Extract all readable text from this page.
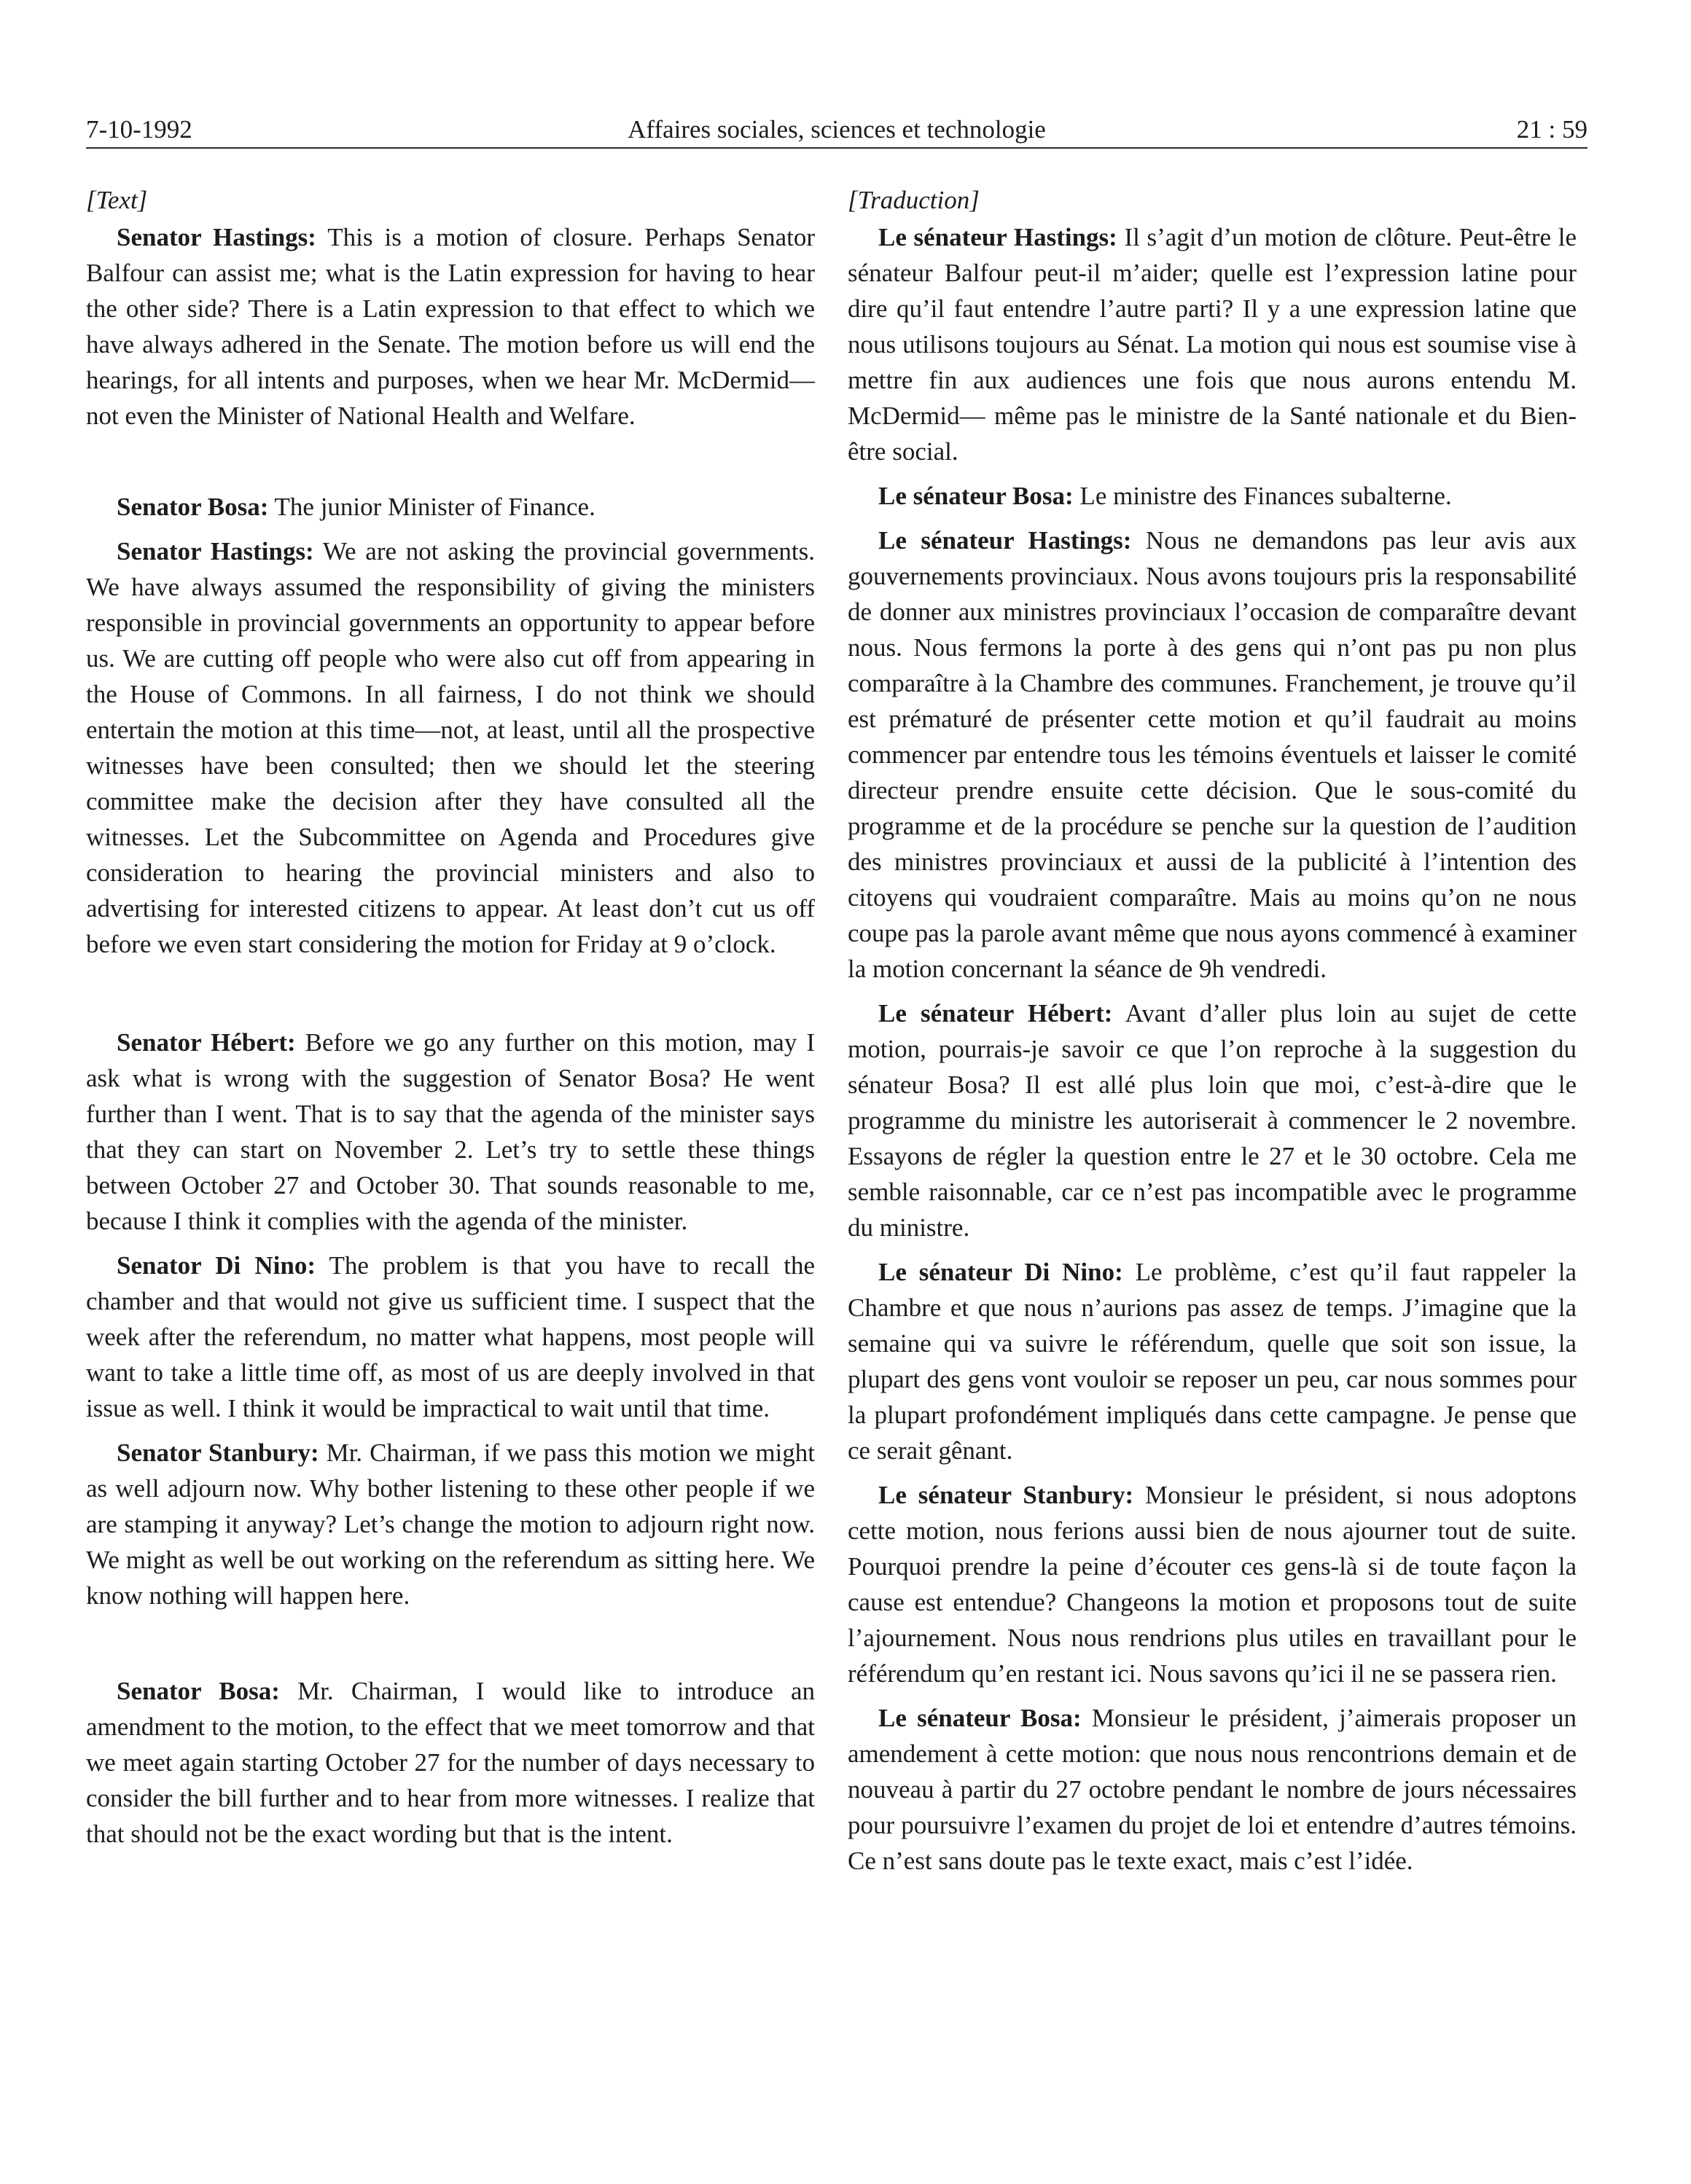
7-10-1992	Affaires sociales, sciences et technologie	21 : 59
[Text]

Senator Hastings: This is a motion of closure. Perhaps Senator Balfour can assist me; what is the Latin expression for having to hear the other side? There is a Latin expression to that effect to which we have always adhered in the Senate. The motion before us will end the hearings, for all intents and purposes, when we hear Mr. McDermid—not even the Minister of National Health and Welfare.

Senator Bosa: The junior Minister of Finance.

Senator Hastings: We are not asking the provincial governments. We have always assumed the responsibility of giving the ministers responsible in provincial governments an opportunity to appear before us. We are cutting off people who were also cut off from appearing in the House of Commons. In all fairness, I do not think we should entertain the motion at this time—not, at least, until all the prospective witnesses have been consulted; then we should let the steering committee make the decision after they have consulted all the witnesses. Let the Subcommittee on Agenda and Procedures give consideration to hearing the provincial ministers and also to advertising for interested citizens to appear. At least don’t cut us off before we even start considering the motion for Friday at 9 o’clock.

Senator Hébert: Before we go any further on this motion, may I ask what is wrong with the suggestion of Senator Bosa? He went further than I went. That is to say that the agenda of the minister says that they can start on November 2. Let’s try to settle these things between October 27 and October 30. That sounds reasonable to me, because I think it complies with the agenda of the minister.

Senator Di Nino: The problem is that you have to recall the chamber and that would not give us sufficient time. I suspect that the week after the referendum, no matter what happens, most people will want to take a little time off, as most of us are deeply involved in that issue as well. I think it would be impractical to wait until that time.

Senator Stanbury: Mr. Chairman, if we pass this motion we might as well adjourn now. Why bother listening to these other people if we are stamping it anyway? Let’s change the motion to adjourn right now. We might as well be out working on the referendum as sitting here. We know nothing will happen here.

Senator Bosa: Mr. Chairman, I would like to introduce an amendment to the motion, to the effect that we meet tomorrow and that we meet again starting October 27 for the number of days necessary to consider the bill further and to hear from more witnesses. I realize that that should not be the exact wording but that is the intent.

[Traduction]

Le sénateur Hastings: Il s’agit d’un motion de clôture. Peut-être le sénateur Balfour peut-il m’aider; quelle est l’expression latine pour dire qu’il faut entendre l’autre parti? Il y a une expression latine que nous utilisons toujours au Sénat. La motion qui nous est soumise vise à mettre fin aux audiences une fois que nous aurons entendu M. McDermid— même pas le ministre de la Santé nationale et du Bien-être social.

Le sénateur Bosa: Le ministre des Finances subalterne.

Le sénateur Hastings: Nous ne demandons pas leur avis aux gouvernements provinciaux. Nous avons toujours pris la responsabilité de donner aux ministres provinciaux l’occasion de comparaître devant nous. Nous fermons la porte à des gens qui n’ont pas pu non plus comparaître à la Chambre des communes. Franchement, je trouve qu’il est prématuré de présenter cette motion et qu’il faudrait au moins commencer par entendre tous les témoins éventuels et laisser le comité directeur prendre ensuite cette décision. Que le sous-comité du programme et de la procédure se penche sur la question de l’audition des ministres provinciaux et aussi de la publicité à l’intention des citoyens qui voudraient comparaître. Mais au moins qu’on ne nous coupe pas la parole avant même que nous ayons commencé à examiner la motion concernant la séance de 9h vendredi.

Le sénateur Hébert: Avant d’aller plus loin au sujet de cette motion, pourrais-je savoir ce que l’on reproche à la suggestion du sénateur Bosa? Il est allé plus loin que moi, c’est-à-dire que le programme du ministre les autoriserait à commencer le 2 novembre. Essayons de régler la question entre le 27 et le 30 octobre. Cela me semble raisonnable, car ce n’est pas incompatible avec le programme du ministre.

Le sénateur Di Nino: Le problème, c’est qu’il faut rappeler la Chambre et que nous n’aurions pas assez de temps. J’imagine que la semaine qui va suivre le référendum, quelle que soit son issue, la plupart des gens vont vouloir se reposer un peu, car nous sommes pour la plupart profondément impliqués dans cette campagne. Je pense que ce serait gênant.

Le sénateur Stanbury: Monsieur le président, si nous adoptons cette motion, nous ferions aussi bien de nous ajourner tout de suite. Pourquoi prendre la peine d’écouter ces gens-là si de toute façon la cause est entendue? Changeons la motion et proposons tout de suite l’ajournement. Nous nous rendrions plus utiles en travaillant pour le référendum qu’en restant ici. Nous savons qu’ici il ne se passera rien.

Le sénateur Bosa: Monsieur le président, j’aimerais proposer un amendement à cette motion: que nous nous rencontrions demain et de nouveau à partir du 27 octobre pendant le nombre de jours nécessaires pour poursuivre l’examen du projet de loi et entendre d’autres témoins. Ce n’est sans doute pas le texte exact, mais c’est l’idée.
